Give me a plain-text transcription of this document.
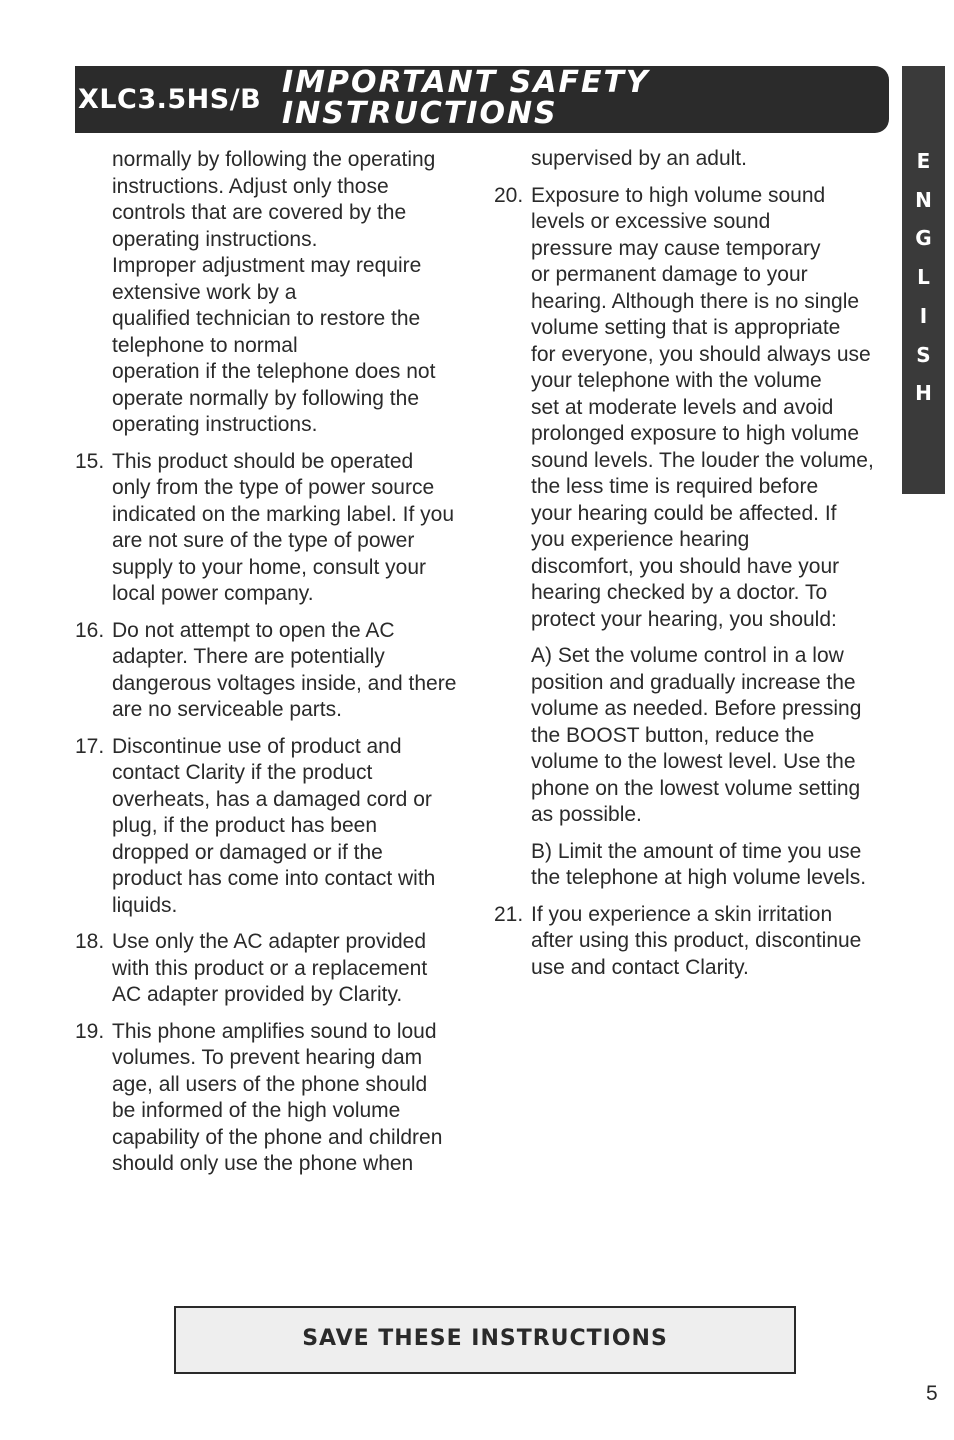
XLC3.5HS/B IMPORTANT SAFETY
INSTRUCTIONS
E
N
G
L
I
S
H

normally by following the operating

instructions. Adjust only those

controls that are covered by the

operating instructions.

Improper adjustment may require

extensive work by a

qualified technician to restore the

telephone to normal

operation if the telephone does not

operate normally by following the

operating instructions.

15. This product should be operated

only from the type of power source

indicated on the marking label. If you

are not sure of the type of power

supply to your home, consult your

local power company.

16. Do not attempt to open the AC

adapter. There are potentially

dangerous voltages inside, and there

are no serviceable parts.

17. Discontinue use of product and

contact Clarity if the product

overheats, has a damaged cord or

plug, if the product has been

dropped or damaged or if the

product has come into contact with

liquids.

18. Use only the AC adapter provided

with this product or a replacement

AC adapter provided by Clarity.

19. This phone amplifies sound to loud

volumes. To prevent hearing dam

age, all users of the phone should

be informed of the high volume

capability of the phone and children

should only use the phone when

supervised by an adult.

20. Exposure to high volume sound

levels or excessive sound

pressure may cause temporary

or permanent damage to your

hearing. Although there is no single

volume setting that is appropriate

for everyone, you should always use

your telephone with the volume

set at moderate levels and avoid

prolonged exposure to high volume

sound levels. The louder the volume,

the less time is required before

your hearing could be affected. If

you experience hearing

discomfort, you should have your

hearing checked by a doctor. To

protect your hearing, you should:

A) Set the volume control in a low

position and gradually increase the

volume as needed. Before pressing

the BOOST button, reduce the

volume to the lowest level. Use the

phone on the lowest volume setting

as possible.

B) Limit the amount of time you use

the telephone at high volume levels.

21. If you experience a skin irritation

after using this product, discontinue

use and contact Clarity.

SAVE THESE INSTRUCTIONS
5
